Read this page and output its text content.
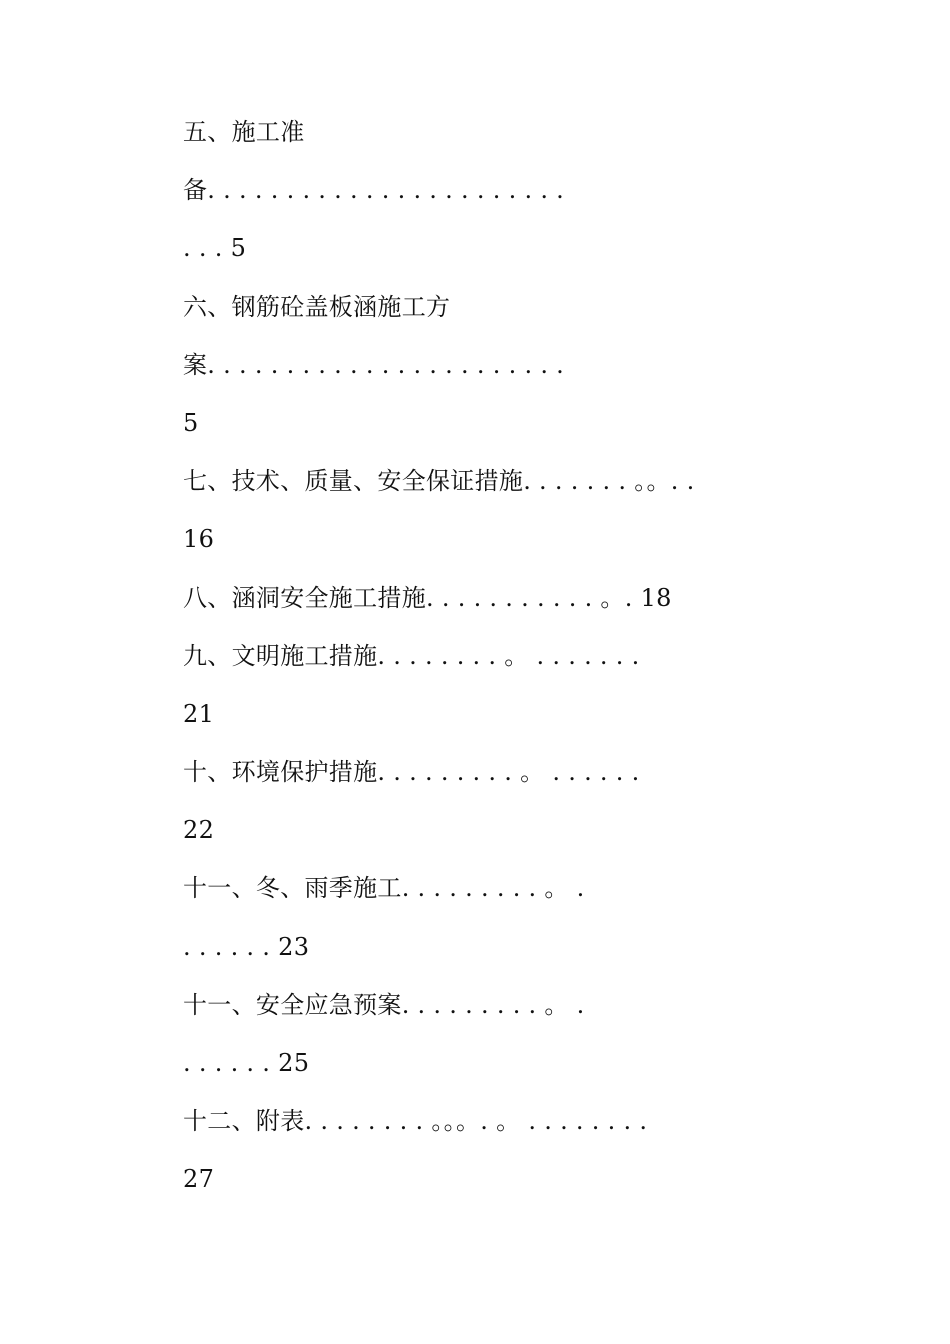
五、施工准
备. . . . . . . . . . . . . . . . . . . . . . .
. . . 5
六、钢筋砼盖板涵施工方
案. . . . . . . . . . . . . . . . . . . . . . .
5
七、技术、质量、安全保证措施. . . . . . . 。。. .
16
八、涵洞安全施工措施. . . . . . . . . . . 。. 18
九、文明施工措施. . . . . . . . 。 . . . . . . .
21
十、环境保护措施. . . . . . . . . 。 . . . . . .
22
十一、冬、雨季施工. . . . . . . . . 。 .
. . . . . . 23
十一、安全应急预案. . . . . . . . . 。 .
. . . . . . 25
十二、附表. . . . . . . . 。。。. 。 . . . . . . . .
27
